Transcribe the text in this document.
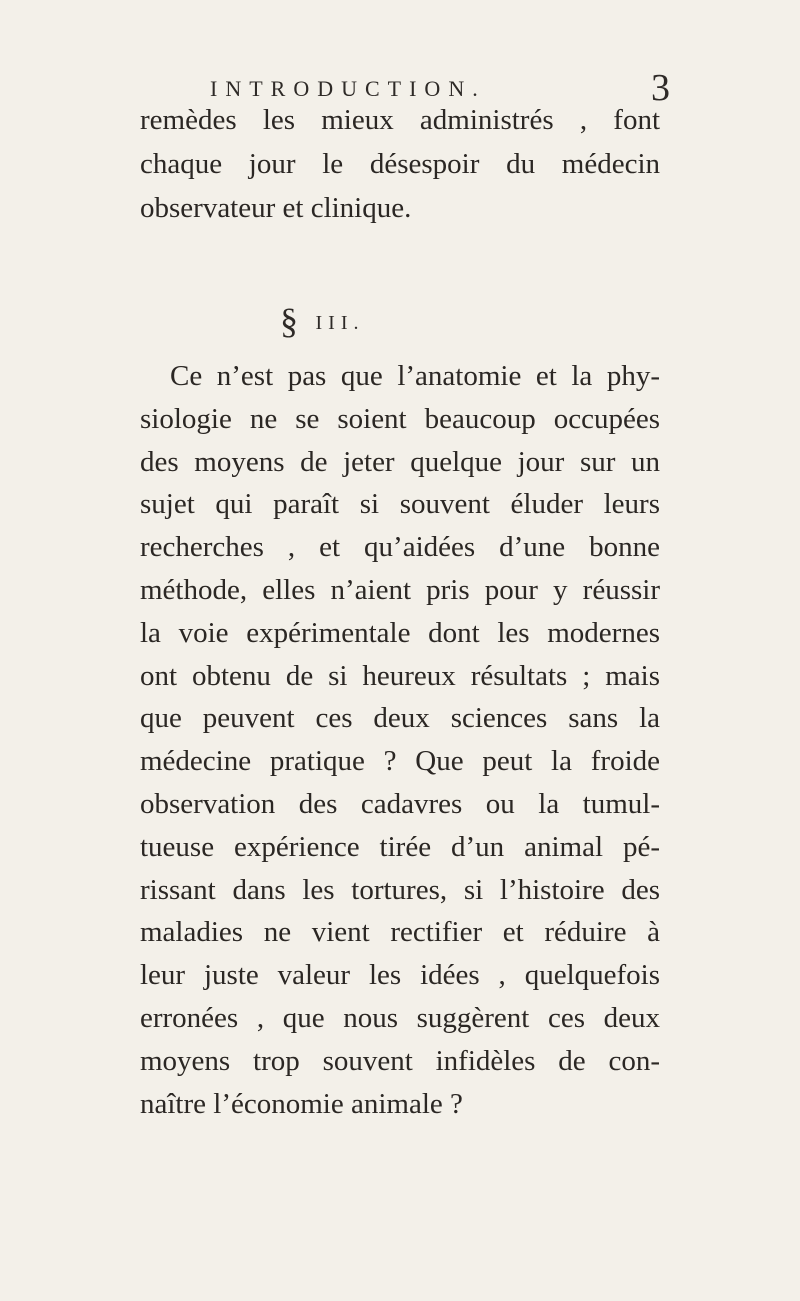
INTRODUCTION.	3
remèdes les mieux administrés , font
chaque jour le désespoir du médecin
observateur et clinique.
§ III.
Ce n’est pas que l’anatomie et la phy-
siologie ne se soient beaucoup occupées
des moyens de jeter quelque jour sur un
sujet qui paraît si souvent éluder leurs
recherches , et qu’aidées d’une bonne
méthode, elles n’aient pris pour y réussir
la voie expérimentale dont les modernes
ont obtenu de si heureux résultats ; mais
que peuvent ces deux sciences sans la
médecine pratique ? Que peut la froide
observation des cadavres ou la tumul-
tueuse expérience tirée d’un animal pé-
rissant dans les tortures, si l’histoire des
maladies ne vient rectifier et réduire à
leur juste valeur les idées , quelquefois
erronées , que nous suggèrent ces deux
moyens trop souvent infidèles de con-
naître l’économie animale ?
